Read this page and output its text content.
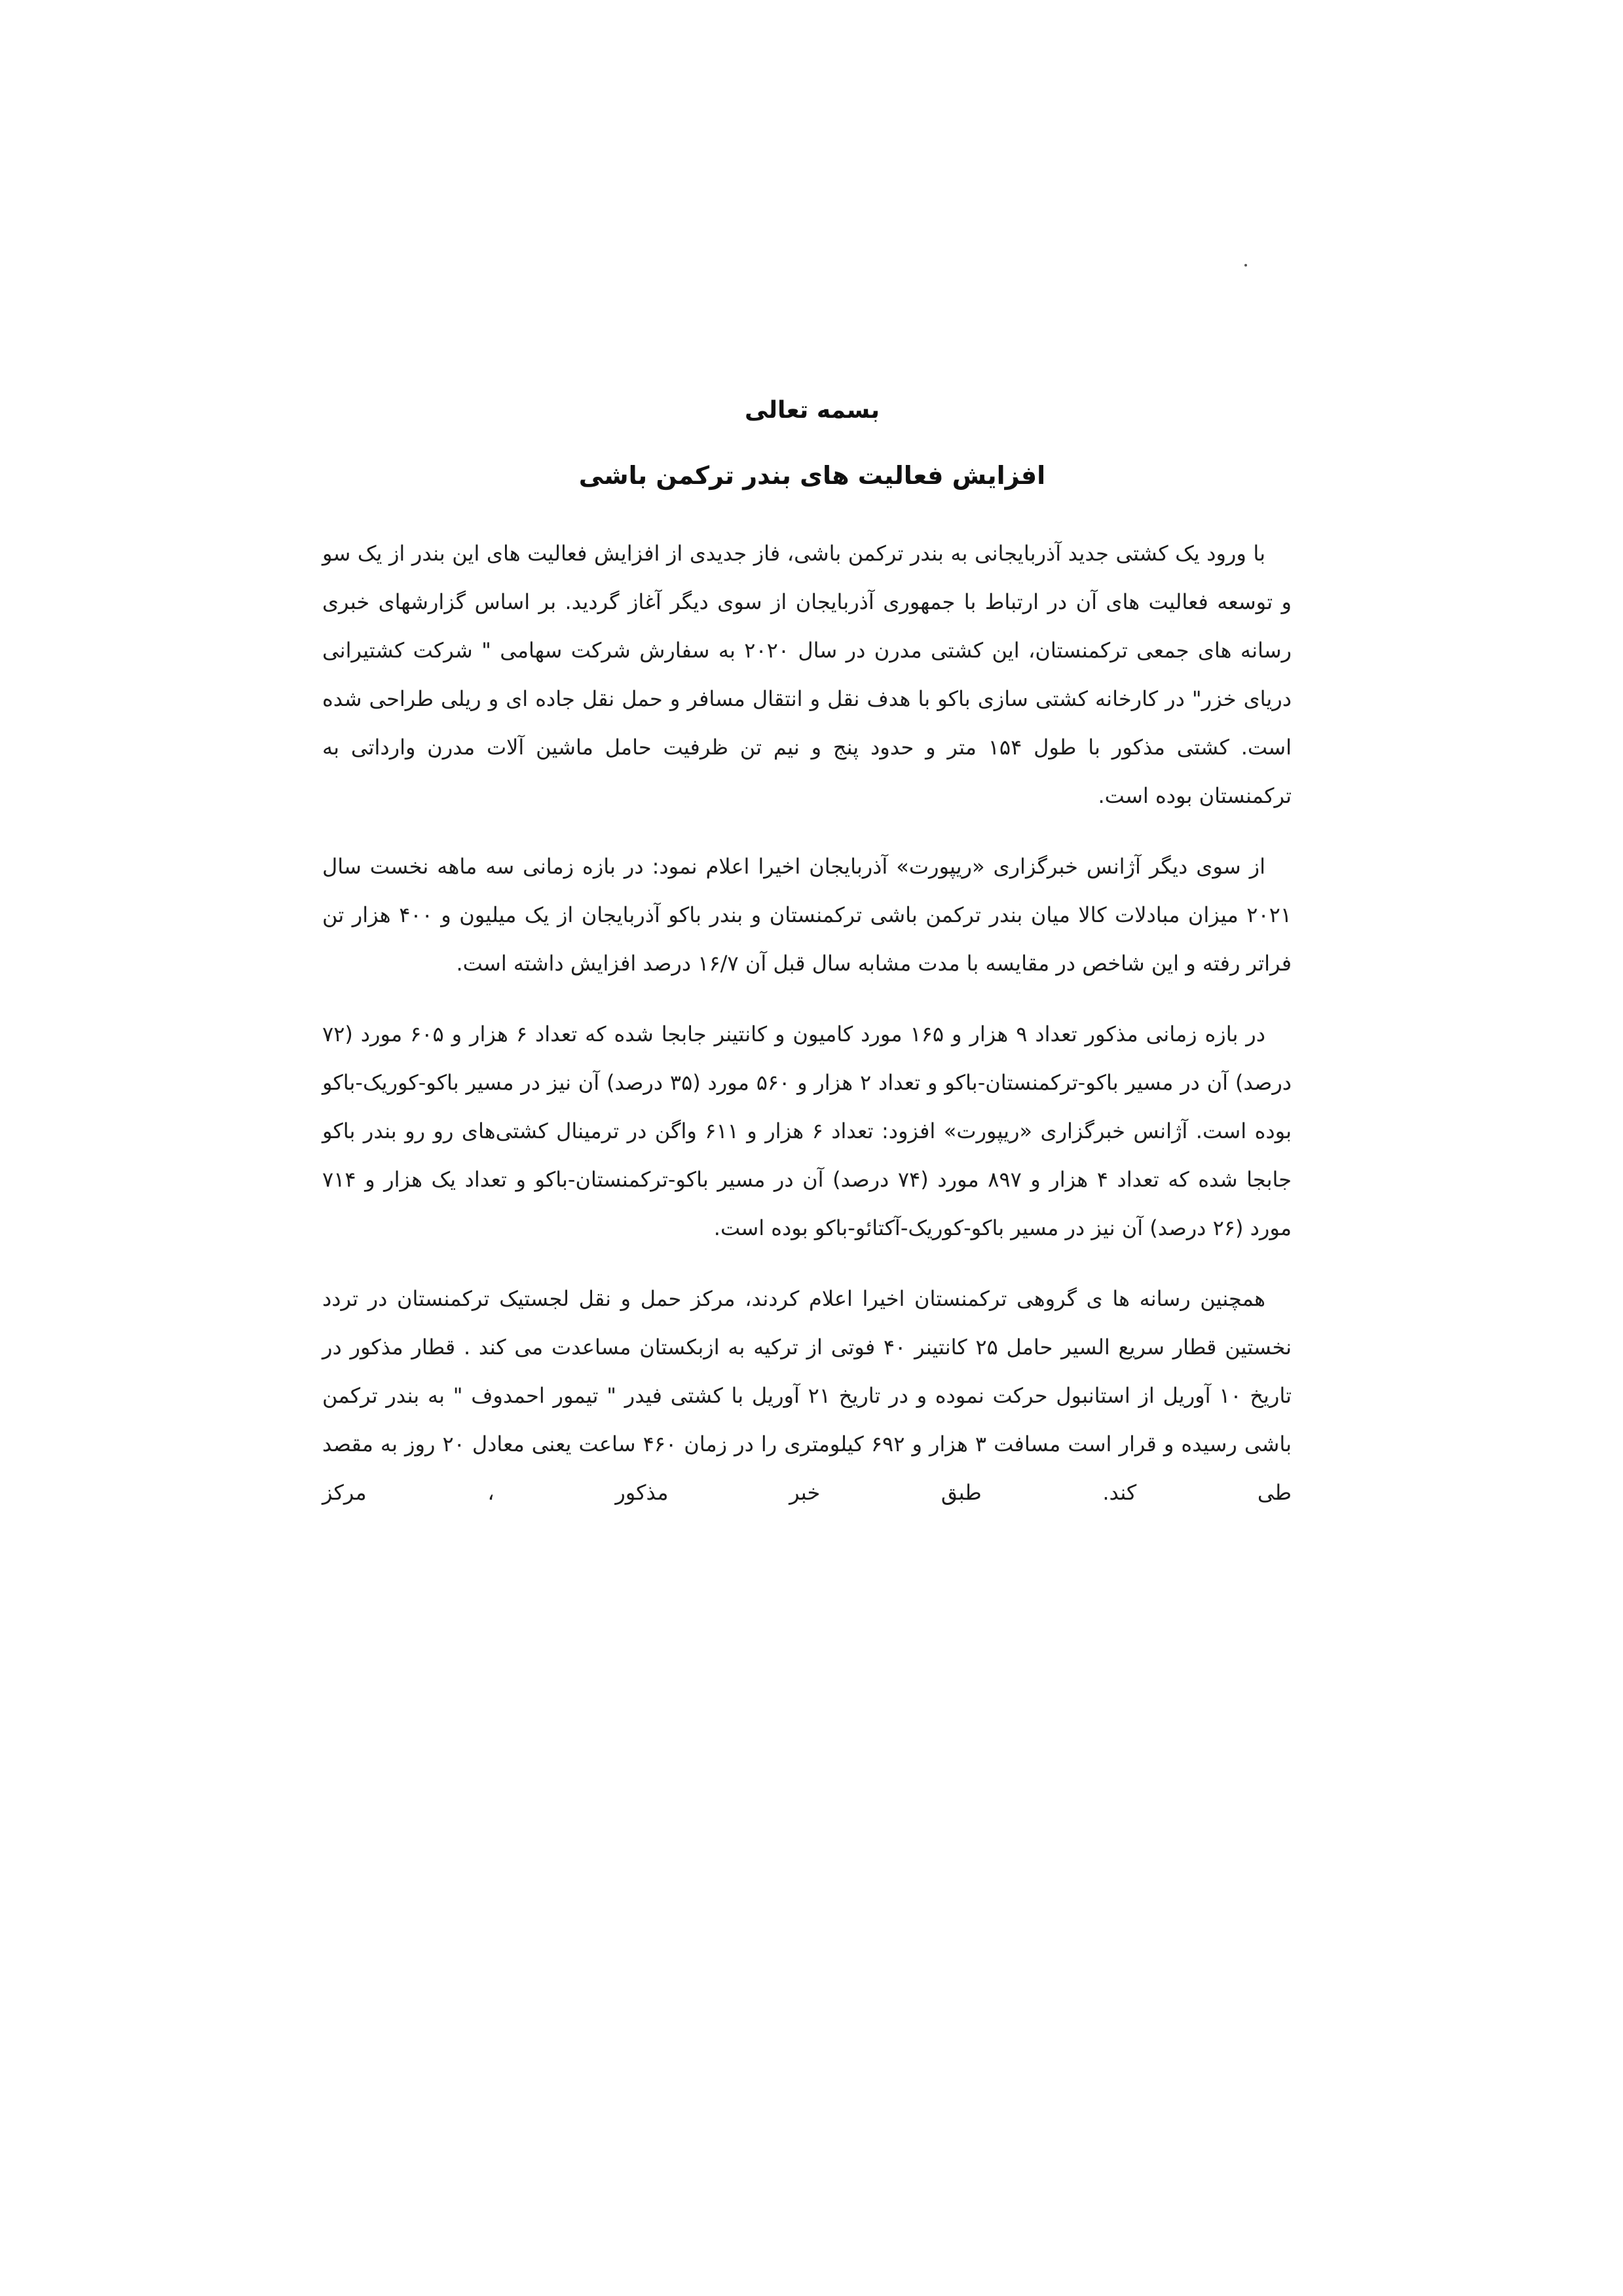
بسمه تعالی
افزایش فعالیت های بندر ترکمن باشی

با ورود یک کشتی جدید آذربایجانی به بندر ترکمن باشی، فاز جدیدی از افزایش فعالیت های این بندر از یک سو و توسعه فعالیت های آن در ارتباط با جمهوری آذربایجان از سوی دیگر آغاز گردید. بر اساس گزارشهای خبری رسانه های جمعی ترکمنستان، این کشتی مدرن در سال ۲۰۲۰ به سفارش شرکت سهامی " شرکت کشتیرانی دریای خزر" در کارخانه کشتی سازی باکو با هدف نقل و انتقال مسافر و حمل نقل جاده ای و ریلی طراحی شده است. کشتی مذکور با طول ۱۵۴ متر و حدود پنج و نیم تن ظرفیت حامل ماشین آلات مدرن وارداتی به ترکمنستان بوده است.

از سوی دیگر آژانس خبرگزاری «ریپورت» آذربایجان اخیرا اعلام نمود: در بازه زمانی سه ماهه نخست سال ۲۰۲۱ میزان مبادلات کالا میان بندر ترکمن باشی ترکمنستان و بندر باکو آذربایجان از یک میلیون و ۴۰۰ هزار تن فراتر رفته و این شاخص در مقایسه با مدت مشابه سال قبل آن ۱۶/۷ درصد افزایش داشته است.

در بازه زمانی مذکور تعداد ۹ هزار و ۱۶۵ مورد کامیون و کانتینر جابجا شده که تعداد ۶ هزار و ۶۰۵ مورد (۷۲ درصد) آن در مسیر باکو-ترکمنستان-باکو و تعداد ۲ هزار و ۵۶۰ مورد (۳۵ درصد) آن نیز در مسیر باکو-کوریک-باکو بوده است. آژانس خبرگزاری «ریپورت» افزود: تعداد ۶ هزار و ۶۱۱ واگن در ترمینال کشتی‌های رو رو بندر باکو جابجا شده که تعداد ۴ هزار و ۸۹۷ مورد (۷۴ درصد) آن در مسیر باکو-ترکمنستان-باکو و تعداد یک هزار و ۷۱۴ مورد (۲۶ درصد) آن نیز در مسیر باکو-کوریک-آکتائو-باکو بوده است.

همچنین رسانه ها ی گروهی ترکمنستان اخیرا اعلام کردند، مرکز حمل و نقل لجستیک ترکمنستان در تردد نخستین قطار سریع السیر حامل ۲۵ کانتینر ۴۰ فوتی از ترکیه به ازبکستان مساعدت می کند . قطار مذکور در تاریخ ۱۰ آوریل از استانبول حرکت نموده و در تاریخ ۲۱ آوریل با کشتی فیدر " تیمور احمدوف " به بندر ترکمن باشی رسیده و قرار است مسافت ۳ هزار و ۶۹۲ کیلومتری را در زمان ۴۶۰ ساعت یعنی معادل ۲۰ روز به مقصد طی کند. طبق خبر مذکور ، مرکز
